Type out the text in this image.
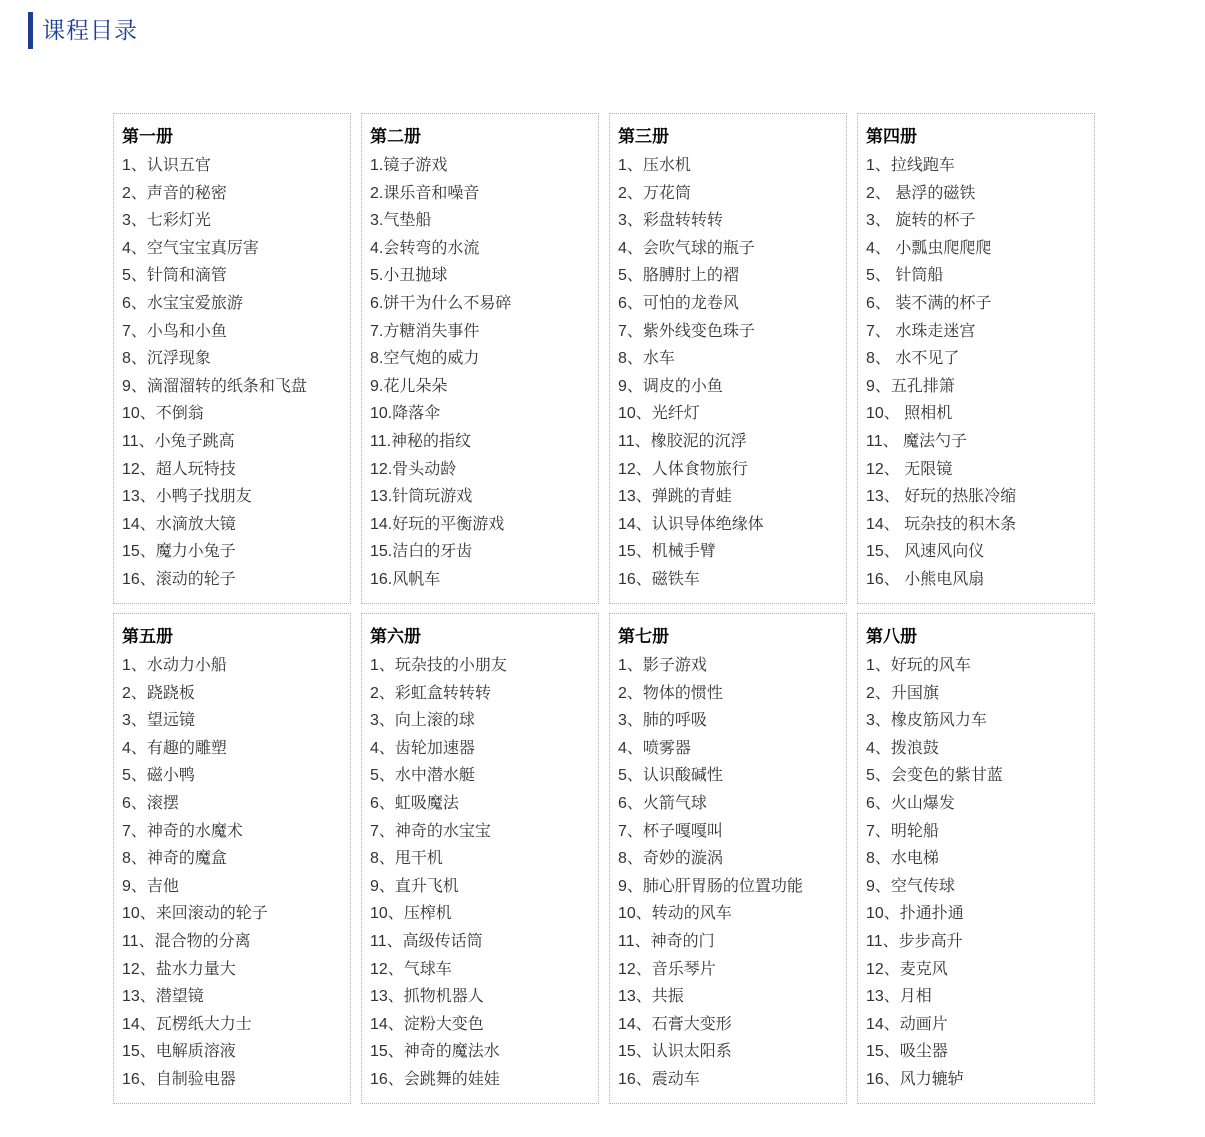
课程目录
第一册
1、认识五官
2、声音的秘密
3、七彩灯光
4、空气宝宝真厉害
5、针筒和滴管
6、水宝宝爱旅游
7、小鸟和小鱼
8、沉浮现象
9、滴溜溜转的纸条和飞盘
10、不倒翁
11、小兔子跳高
12、超人玩特技
13、小鸭子找朋友
14、水滴放大镜
15、魔力小兔子
16、滚动的轮子
第二册
1.镜子游戏
2.课乐音和噪音
3.气垫船
4.会转弯的水流
5.小丑抛球
6.饼干为什么不易碎
7.方糖消失事件
8.空气炮的威力
9.花儿朵朵
10.降落伞
11.神秘的指纹
12.骨头动龄
13.针筒玩游戏
14.好玩的平衡游戏
15.洁白的牙齿
16.风帆车
第三册
1、压水机
2、万花筒
3、彩盘转转转
4、会吹气球的瓶子
5、胳膊肘上的褶
6、可怕的龙卷风
7、紫外线变色珠子
8、水车
9、调皮的小鱼
10、光纤灯
11、橡胶泥的沉浮
12、人体食物旅行
13、弹跳的青蛙
14、认识导体绝缘体
15、机械手臂
16、磁铁车
第四册
1、拉线跑车
2、 悬浮的磁铁
3、 旋转的杯子
4、 小瓢虫爬爬爬
5、 针筒船
6、 装不满的杯子
7、 水珠走迷宫
8、 水不见了
9、五孔排箫
10、 照相机
11、 魔法勺子
12、 无限镜
13、 好玩的热胀冷缩
14、 玩杂技的积木条
15、 风速风向仪
16、 小熊电风扇
第五册
1、水动力小船
2、跷跷板
3、望远镜
4、有趣的雕塑
5、磁小鸭
6、滚摆
7、神奇的水魔术
8、神奇的魔盒
9、吉他
10、来回滚动的轮子
11、混合物的分离
12、盐水力量大
13、潜望镜
14、瓦楞纸大力士
15、电解质溶液
16、自制验电器
第六册
1、玩杂技的小朋友
2、彩虹盒转转转
3、向上滚的球
4、齿轮加速器
5、水中潜水艇
6、虹吸魔法
7、神奇的水宝宝
8、甩干机
9、直升飞机
10、压榨机
11、高级传话筒
12、气球车
13、抓物机器人
14、淀粉大变色
15、神奇的魔法水
16、会跳舞的娃娃
第七册
1、影子游戏
2、物体的惯性
3、肺的呼吸
4、喷雾器
5、认识酸碱性
6、火箭气球
7、杯子嘎嘎叫
8、奇妙的漩涡
9、肺心肝胃肠的位置功能
10、转动的风车
11、神奇的门
12、音乐琴片
13、共振
14、石膏大变形
15、认识太阳系
16、震动车
第八册
1、好玩的风车
2、升国旗
3、橡皮筋风力车
4、拨浪鼓
5、会变色的紫甘蓝
6、火山爆发
7、明轮船
8、水电梯
9、空气传球
10、扑通扑通
11、步步高升
12、麦克风
13、月相
14、动画片
15、吸尘器
16、风力辘轳
